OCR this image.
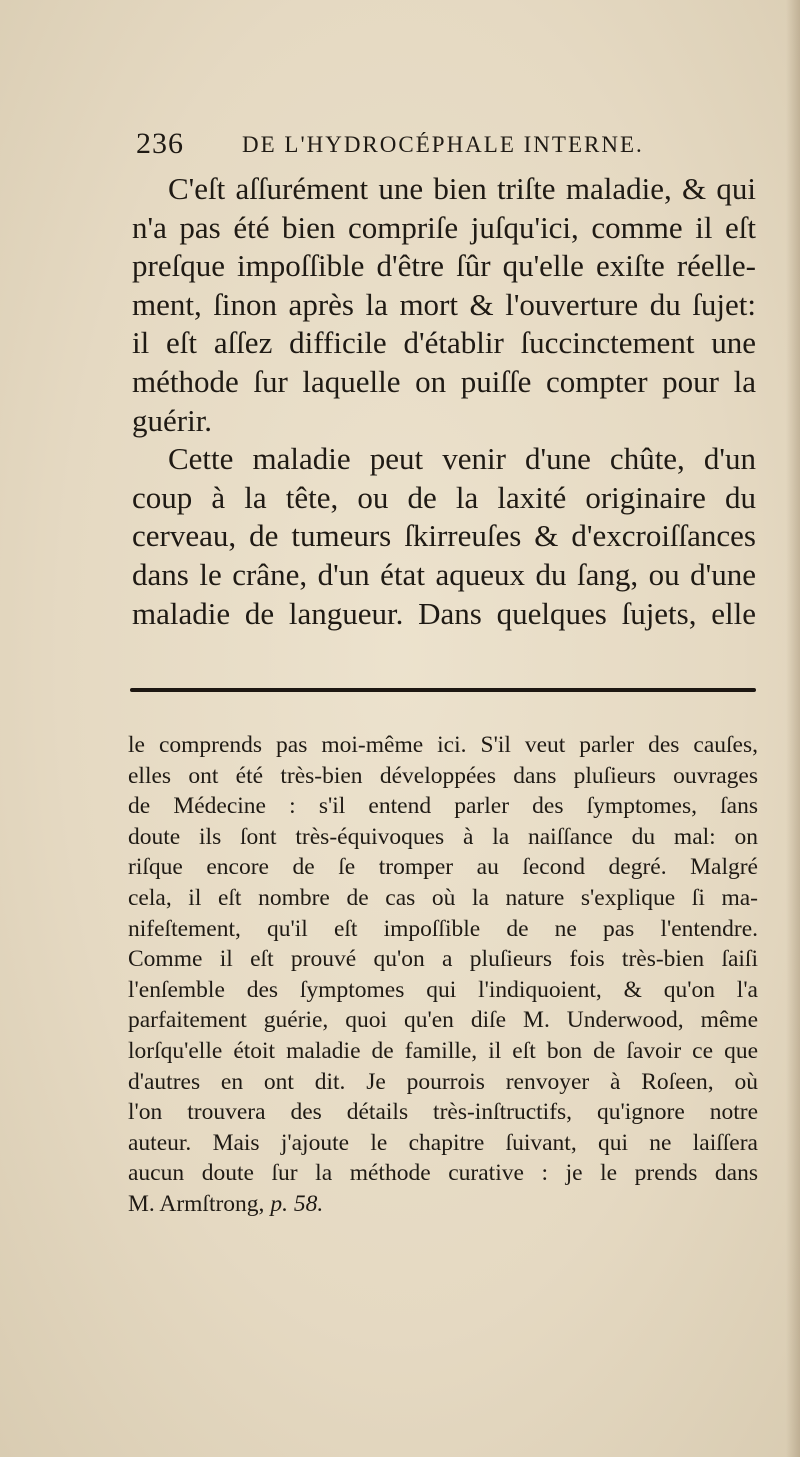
236	DE L'HYDROCÉPHALE INTERNE.
C'eſt aſſurément une bien triſte maladie, & qui
n'a pas été bien compriſe juſqu'ici, comme il eſt
preſque impoſſible d'être ſûr qu'elle exiſte réelle-
ment, ſinon après la mort & l'ouverture du ſujet:
il eſt aſſez difficile d'établir ſuccinctement une
méthode ſur laquelle on puiſſe compter pour la
guérir.
Cette maladie peut venir d'une chûte, d'un
coup à la tête, ou de la laxité originaire du
cerveau, de tumeurs ſkirreuſes & d'excroiſſances
dans le crâne, d'un état aqueux du ſang, ou d'une
maladie de langueur. Dans quelques ſujets, elle
le comprends pas moi-même ici. S'il veut parler des cauſes,
elles ont été très-bien développées dans pluſieurs ouvrages
de Médecine : s'il entend parler des ſymptomes, ſans
doute ils ſont très-équivoques à la naiſſance du mal: on
riſque encore de ſe tromper au ſecond degré. Malgré
cela, il eſt nombre de cas où la nature s'explique ſi ma-
nifeſtement, qu'il eſt impoſſible de ne pas l'entendre.
Comme il eſt prouvé qu'on a pluſieurs fois très-bien ſaiſi
l'enſemble des ſymptomes qui l'indiquoient, & qu'on l'a
parfaitement guérie, quoi qu'en diſe M. Underwood, même
lorſqu'elle étoit maladie de famille, il eſt bon de ſavoir ce que
d'autres en ont dit. Je pourrois renvoyer à Roſeen, où
l'on trouvera des détails très-inſtructifs, qu'ignore notre
auteur. Mais j'ajoute le chapitre ſuivant, qui ne laiſſera
aucun doute ſur la méthode curative : je le prends dans
M. Armſtrong, p. 58.
